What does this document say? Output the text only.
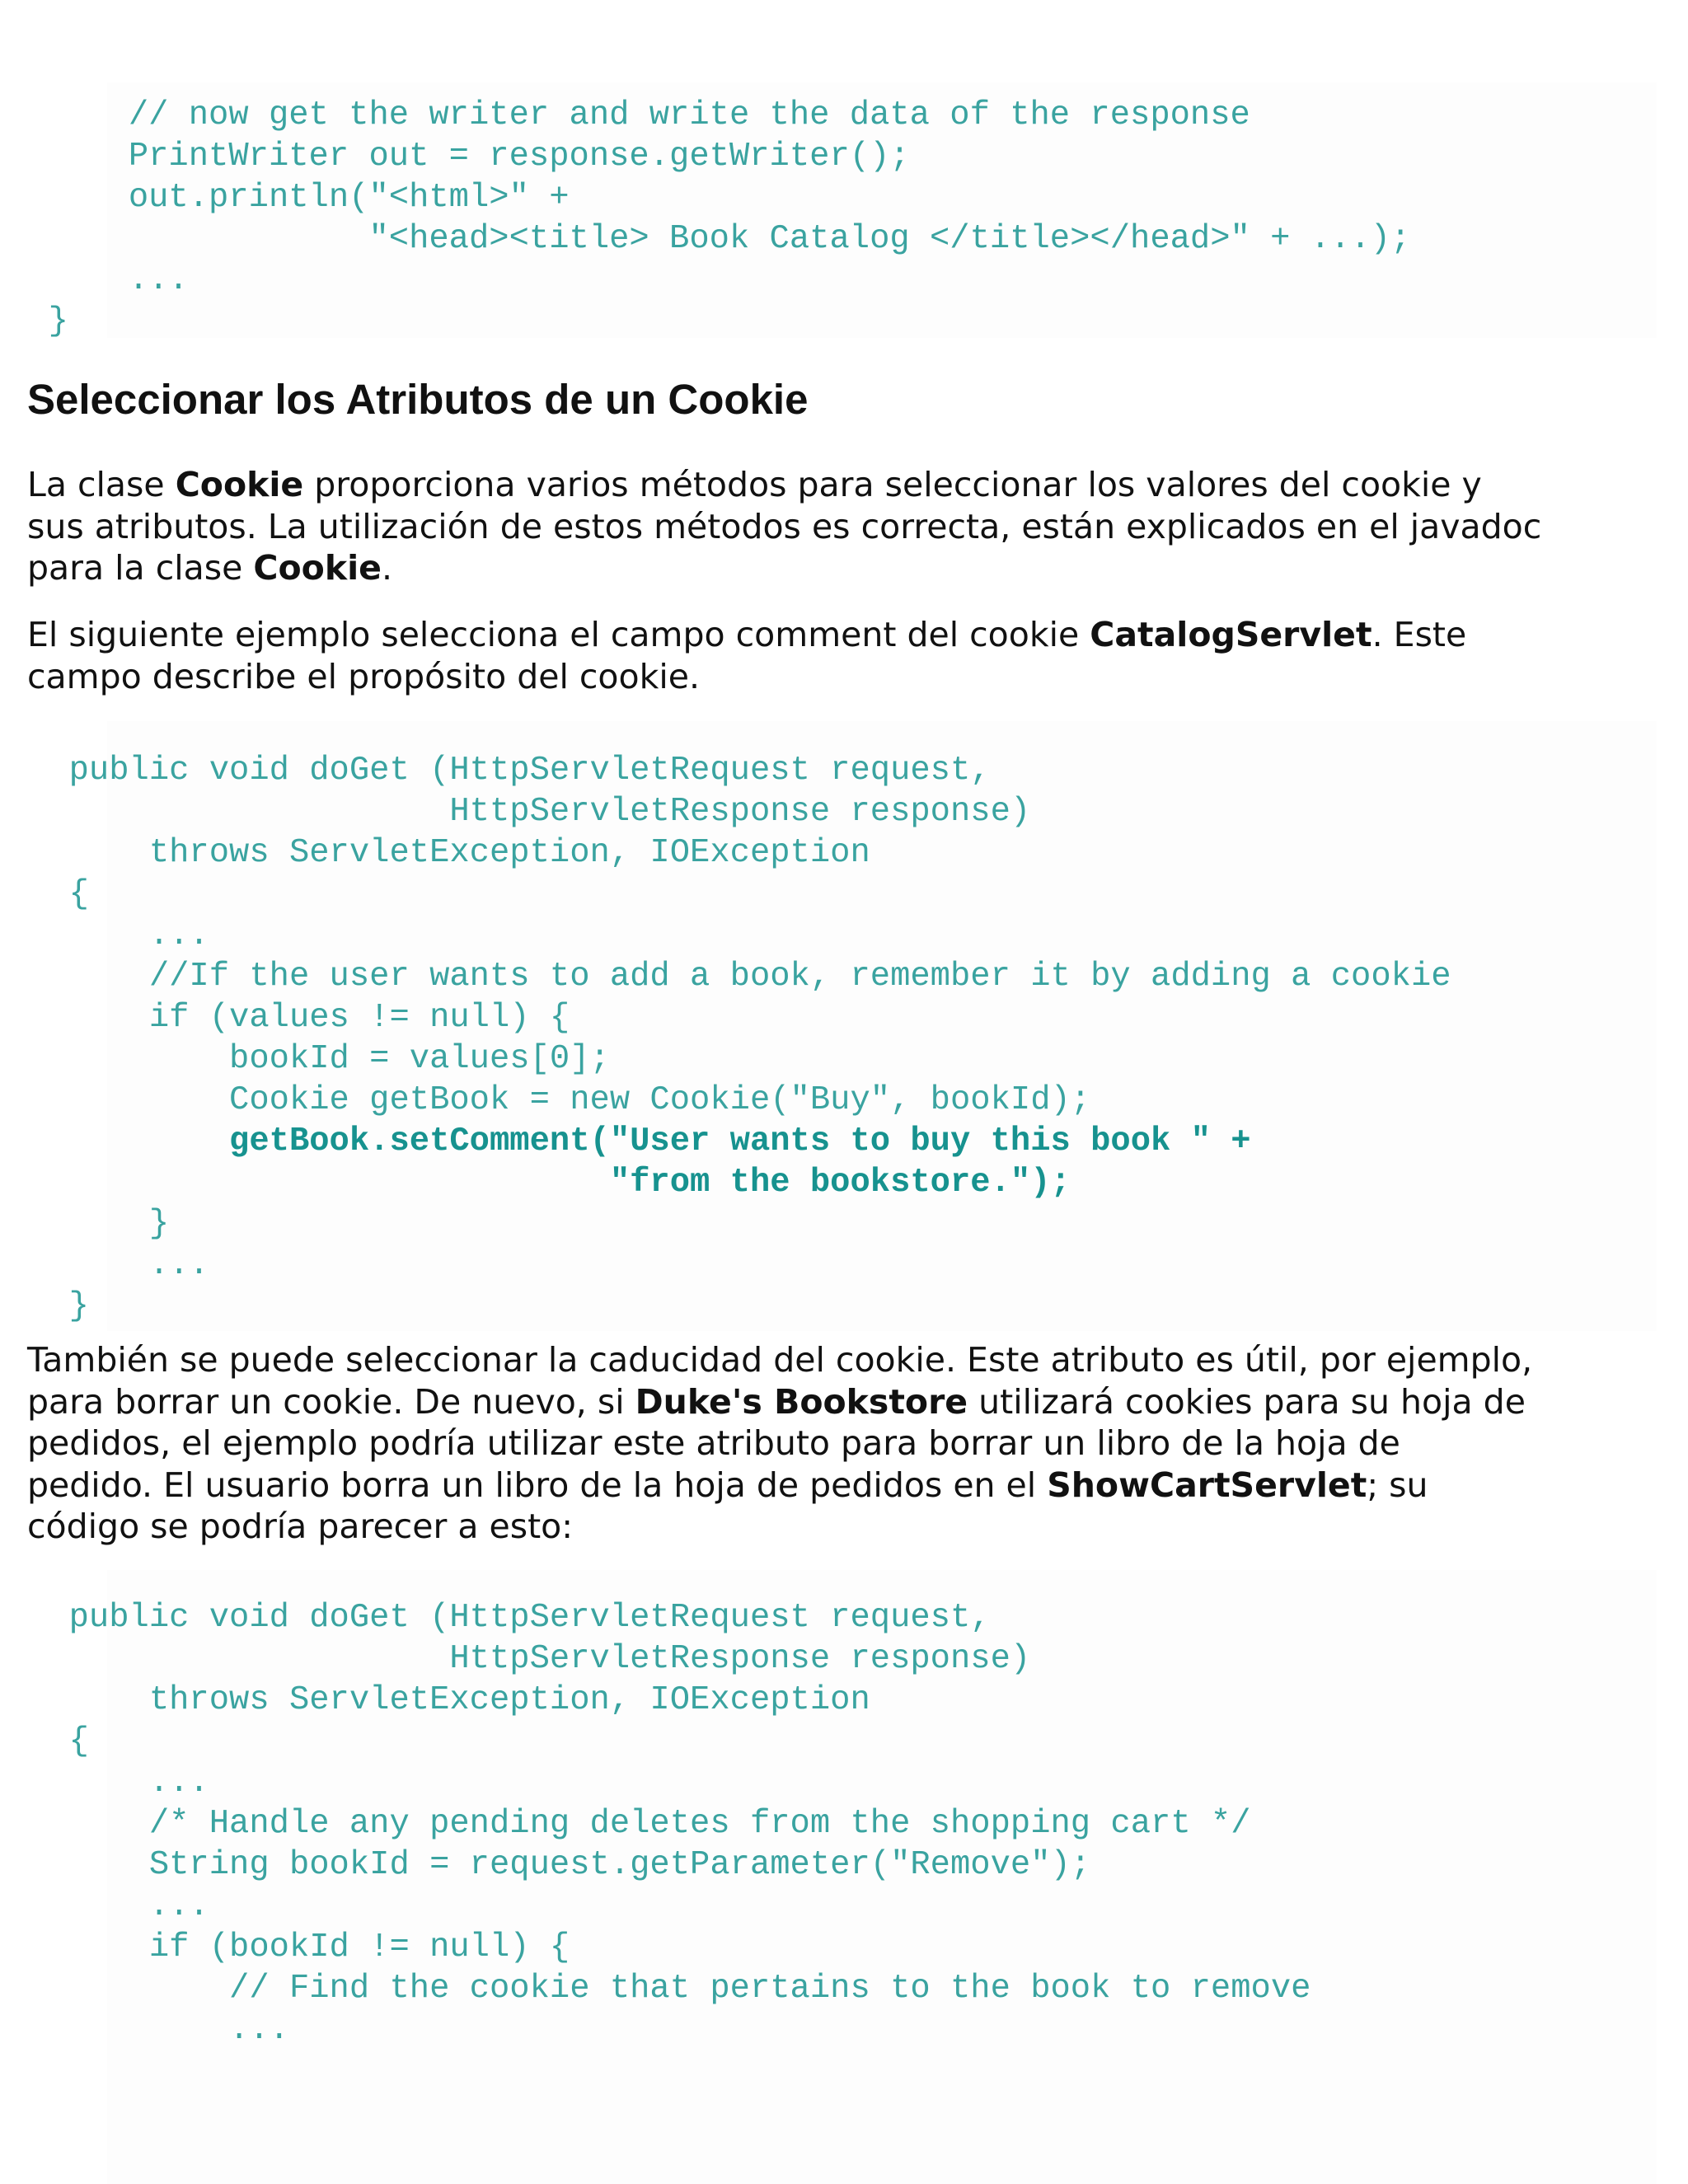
// now get the writer and write the data of the response
PrintWriter out = response.getWriter();
out.println("<html>" +
"<head><title> Book Catalog </title></head>" + ...);
...
}
Seleccionar los Atributos de un Cookie

La clase Cookie proporciona varios métodos para seleccionar los valores del cookie y
sus atributos. La utilización de estos métodos es correcta, están explicados en el javadoc
para la clase Cookie.

El siguiente ejemplo selecciona el campo comment del cookie CatalogServlet. Este
campo describe el propósito del cookie.

public void doGet (HttpServletRequest request,
HttpServletResponse response)
throws ServletException, IOException
{
...
//If the user wants to add a book, remember it by adding a cookie
if (values != null) {
bookId = values[0];
Cookie getBook = new Cookie("Buy", bookId);
getBook.setComment("User wants to buy this book " +
"from the bookstore.");
}
...
}

También se puede seleccionar la caducidad del cookie. Este atributo es útil, por ejemplo,
para borrar un cookie. De nuevo, si Duke's Bookstore utilizará cookies para su hoja de
pedidos, el ejemplo podría utilizar este atributo para borrar un libro de la hoja de
pedido. El usuario borra un libro de la hoja de pedidos en el ShowCartServlet; su
código se podría parecer a esto:

public void doGet (HttpServletRequest request,
HttpServletResponse response)
throws ServletException, IOException
{
...
/* Handle any pending deletes from the shopping cart */
String bookId = request.getParameter("Remove");
...
if (bookId != null) {
// Find the cookie that pertains to the book to remove
...
